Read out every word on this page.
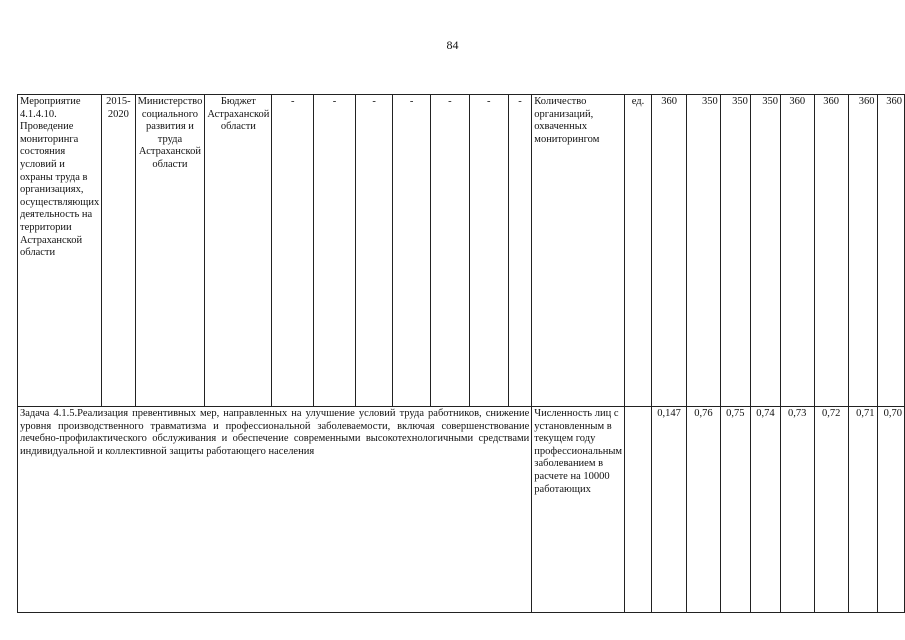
84
Мероприятие 4.1.4.10. Проведение мониторинга состояния условий и охраны труда в организациях, осуществляющих деятельность на территории Астраханской области	2015-2020	Министерство социального развития и труда Астраханской области	Бюджет Астраханской области	-	-	-	-	-	-	-	Количество организаций, охваченных мониторингом	ед.	360	350	350	350	360	360	360	360

Задача 4.1.5.Реализация превентивных мер, направленных на улучшение условий труда работников, снижение уровня производственного травматизма и профессиональной заболеваемости, включая совершенствование лечебно-профилактического обслуживания и обеспечение современными высокотехнологичными средствами индивидуальной и коллективной защиты работающего населения											Численность лиц с установленным в текущем году профессиональным заболеванием в расчете на 10000 работающих		0,147	0,76	0,75	0,74	0,73	0,72	0,71	0,70
